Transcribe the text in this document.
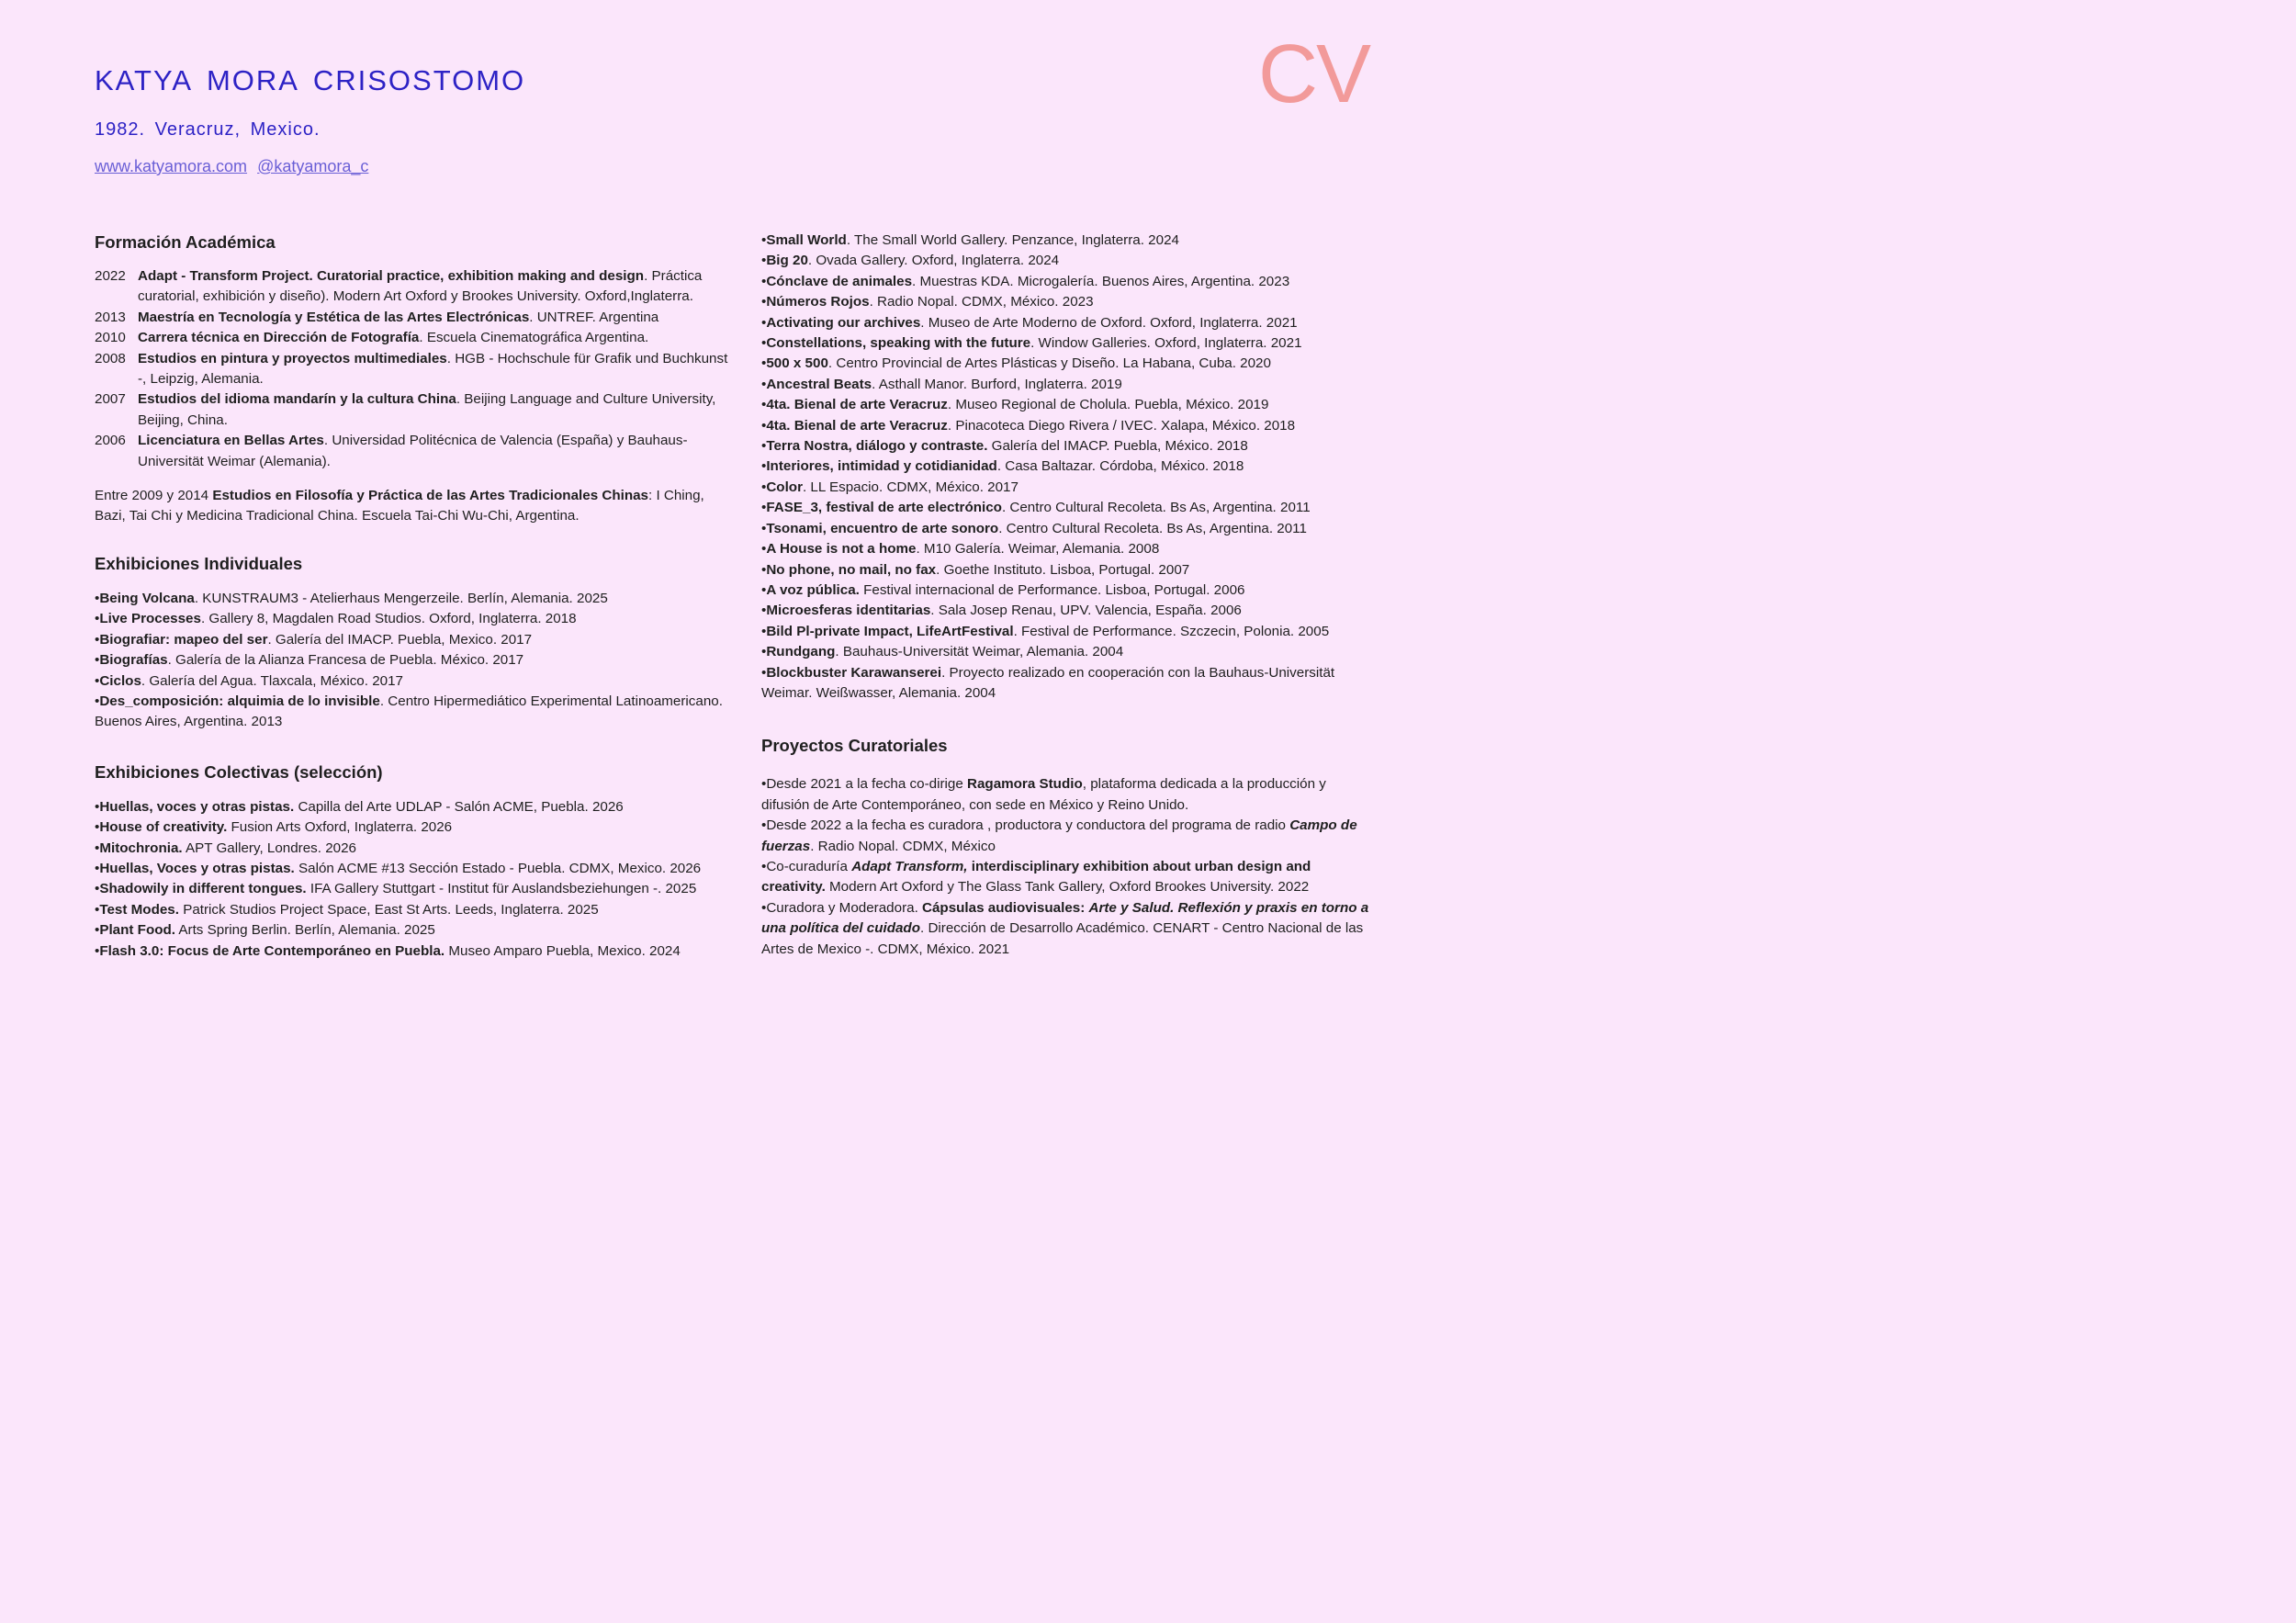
KATYA MORA CRISOSTOMO

1982. Veracruz, Mexico.

www.katyamora.com @katyamora_c
CV
Formación Académica
2022 Adapt - Transform Project. Curatorial practice, exhibition making and design. Práctica curatorial, exhibición y diseño). Modern Art Oxford y Brookes University. Oxford,Inglaterra.
2013 Maestría en Tecnología y Estética de las Artes Electrónicas. UNTREF. Argentina
2010 Carrera técnica en Dirección de Fotografía. Escuela Cinematográfica Argentina.
2008 Estudios en pintura y proyectos multimediales. HGB - Hochschule für Grafik und Buchkunst -, Leipzig, Alemania.
2007 Estudios del idioma mandarín y la cultura China. Beijing Language and Culture University, Beijing, China.
2006 Licenciatura en Bellas Artes. Universidad Politécnica de Valencia (España) y Bauhaus-Universität Weimar (Alemania).
Entre 2009 y 2014 Estudios en Filosofía y Práctica de las Artes Tradicionales Chinas: I Ching, Bazi, Tai Chi y Medicina Tradicional China. Escuela Tai-Chi Wu-Chi, Argentina.
Exhibiciones Individuales
• Being Volcana. KUNSTRAUM3 - Atelierhaus Mengerzeile. Berlín, Alemania. 2025
• Live Processes. Gallery 8, Magdalen Road Studios. Oxford, Inglaterra. 2018
• Biografiar: mapeo del ser. Galería del IMACP. Puebla, Mexico. 2017
• Biografías. Galería de la Alianza Francesa de Puebla. México. 2017
• Ciclos. Galería del Agua. Tlaxcala, México. 2017
• Des_composición: alquimia de lo invisible. Centro Hipermediático Experimental Latinoamericano. Buenos Aires, Argentina. 2013
Exhibiciones Colectivas (selección)
• Huellas, voces y otras pistas. Capilla del Arte UDLAP - Salón ACME, Puebla. 2026
• House of creativity. Fusion Arts Oxford, Inglaterra. 2026
• Mitochronia. APT Gallery, Londres. 2026
• Huellas, Voces y otras pistas. Salón ACME #13 Sección Estado - Puebla. CDMX, Mexico. 2026
• Shadowily in different tongues. IFA Gallery Stuttgart - Institut für Auslandsbeziehungen -. 2025
• Test Modes. Patrick Studios Project Space, East St Arts. Leeds, Inglaterra. 2025
• Plant Food. Arts Spring Berlin. Berlín, Alemania. 2025
• Flash 3.0: Focus de Arte Contemporáneo en Puebla. Museo Amparo Puebla, Mexico. 2024
• Small World. The Small World Gallery. Penzance, Inglaterra. 2024
• Big 20. Ovada Gallery. Oxford, Inglaterra. 2024
• Cónclave de animales. Muestras KDA. Microgalería. Buenos Aires, Argentina. 2023
• Números Rojos. Radio Nopal. CDMX, México. 2023
• Activating our archives. Museo de Arte Moderno de Oxford. Oxford, Inglaterra. 2021
• Constellations, speaking with the future. Window Galleries. Oxford, Inglaterra. 2021
• 500 x 500. Centro Provincial de Artes Plásticas y Diseño. La Habana, Cuba. 2020
• Ancestral Beats. Asthall Manor. Burford, Inglaterra. 2019
• 4ta. Bienal de arte Veracruz. Museo Regional de Cholula. Puebla, México. 2019
• 4ta. Bienal de arte Veracruz. Pinacoteca Diego Rivera / IVEC. Xalapa, México. 2018
• Terra Nostra, diálogo y contraste. Galería del IMACP. Puebla, México. 2018
• Interiores, intimidad y cotidianidad. Casa Baltazar. Córdoba, México. 2018
• Color. LL Espacio. CDMX, México. 2017
• FASE_3, festival de arte electrónico. Centro Cultural Recoleta. Bs As, Argentina. 2011
• Tsonami, encuentro de arte sonoro. Centro Cultural Recoleta. Bs As, Argentina. 2011
• A House is not a home. M10 Galería. Weimar, Alemania. 2008
• No phone, no mail, no fax. Goethe Instituto. Lisboa, Portugal. 2007
• A voz pública. Festival internacional de Performance. Lisboa, Portugal. 2006
• Microesferas identitarias. Sala Josep Renau, UPV. Valencia, España. 2006
• Bild Pl-private Impact, LifeArtFestival. Festival de Performance. Szczecin, Polonia. 2005
• Rundgang. Bauhaus-Universität Weimar, Alemania. 2004
• Blockbuster Karawanserei. Proyecto realizado en cooperación con la Bauhaus-Universität Weimar. Weißwasser, Alemania. 2004
Proyectos Curatoriales
• Desde 2021 a la fecha co-dirige Ragamora Studio, plataforma dedicada a la producción y difusión de Arte Contemporáneo, con sede en México y Reino Unido.
• Desde 2022 a la fecha es curadora , productora y conductora del programa de radio Campo de fuerzas. Radio Nopal. CDMX, México
• Co-curaduría Adapt Transform, interdisciplinary exhibition about urban design and creativity. Modern Art Oxford y The Glass Tank Gallery, Oxford Brookes University. 2022
• Curadora y Moderadora. Cápsulas audiovisuales: Arte y Salud. Reflexión y praxis en torno a una política del cuidado. Dirección de Desarrollo Académico. CENART - Centro Nacional de las Artes de Mexico -. CDMX, México. 2021
